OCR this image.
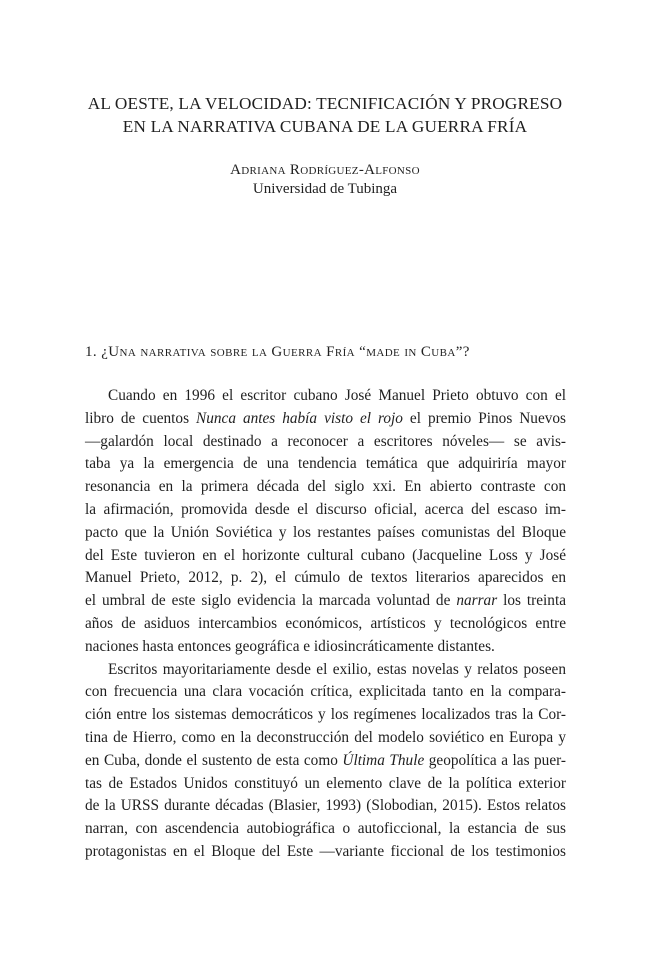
AL OESTE, LA VELOCIDAD: TECNIFICACIÓN Y PROGRESO
EN LA NARRATIVA CUBANA DE LA GUERRA FRÍA
Adriana Rodríguez-Alfonso
Universidad de Tubinga
1. ¿Una narrativa sobre la Guerra Fría “made in Cuba”?
Cuando en 1996 el escritor cubano José Manuel Prieto obtuvo con el
libro de cuentos Nunca antes había visto el rojo el premio Pinos Nuevos
—galardón local destinado a reconocer a escritores nóveles— se avis-
taba ya la emergencia de una tendencia temática que adquiriría mayor
resonancia en la primera década del siglo xxi. En abierto contraste con
la afirmación, promovida desde el discurso oficial, acerca del escaso im-
pacto que la Unión Soviética y los restantes países comunistas del Bloque
del Este tuvieron en el horizonte cultural cubano (Jacqueline Loss y José
Manuel Prieto, 2012, p. 2), el cúmulo de textos literarios aparecidos en
el umbral de este siglo evidencia la marcada voluntad de narrar los treinta
años de asiduos intercambios económicos, artísticos y tecnológicos entre
naciones hasta entonces geográfica e idiosincráticamente distantes.
Escritos mayoritariamente desde el exilio, estas novelas y relatos poseen
con frecuencia una clara vocación crítica, explicitada tanto en la compara-
ción entre los sistemas democráticos y los regímenes localizados tras la Cor-
tina de Hierro, como en la deconstrucción del modelo soviético en Europa y
en Cuba, donde el sustento de esta como Última Thule geopolítica a las puer-
tas de Estados Unidos constituyó un elemento clave de la política exterior
de la URSS durante décadas (Blasier, 1993) (Slobodian, 2015). Estos relatos
narran, con ascendencia autobiográfica o autoficcional, la estancia de sus
protagonistas en el Bloque del Este —variante ficcional de los testimonios
